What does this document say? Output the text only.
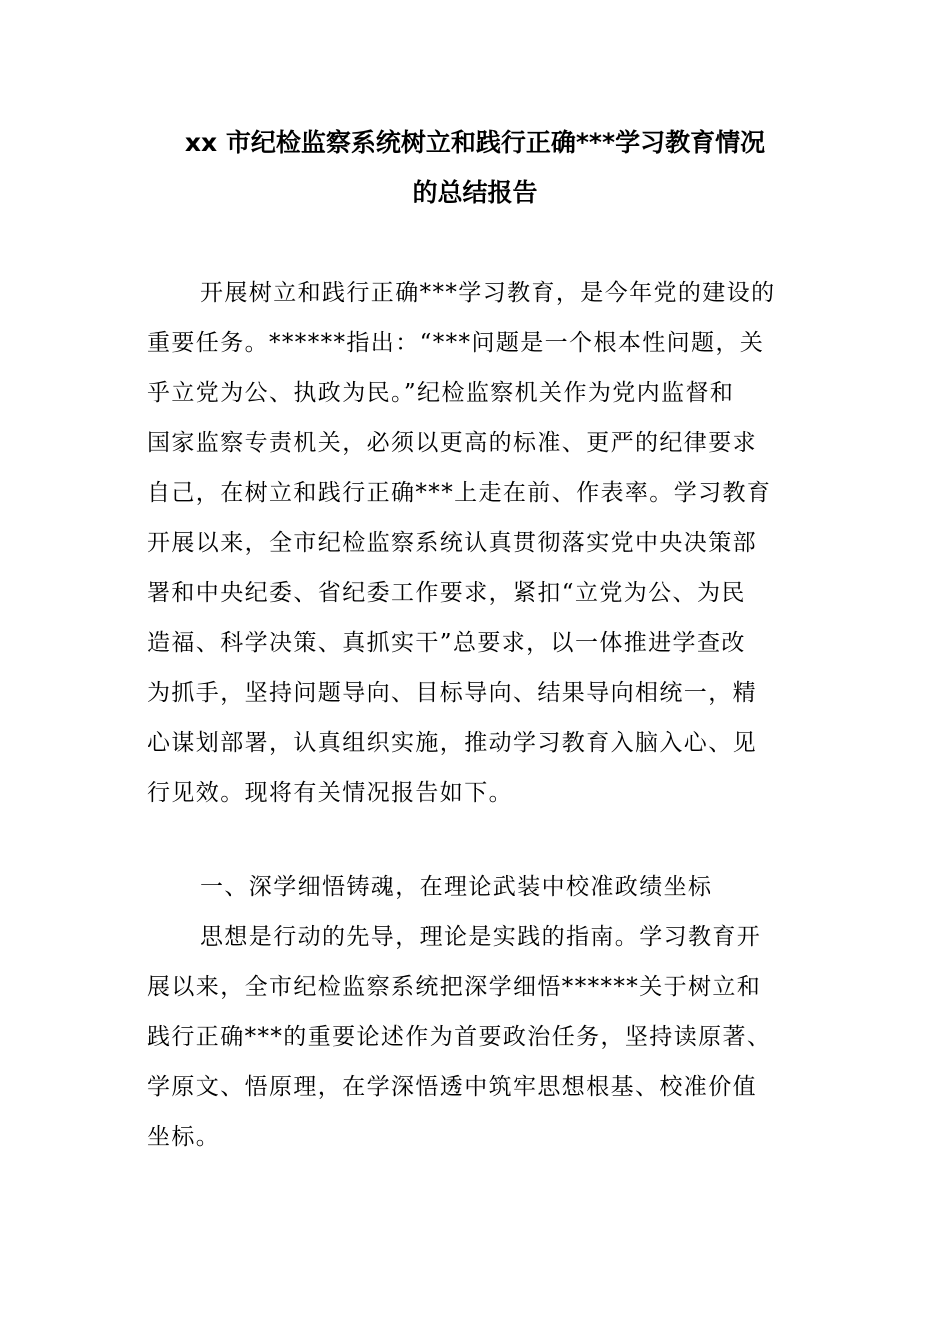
xx 市纪检监察系统树立和践行正确***学习教育情况
的总结报告
开展树立和践行正确***学习教育，是今年党的建设的
重要任务。******指出：“***问题是一个根本性问题，关
乎立党为公、执政为民。”纪检监察机关作为党内监督和
国家监察专责机关，必须以更高的标准、更严的纪律要求
自己，在树立和践行正确***上走在前、作表率。学习教育
开展以来，全市纪检监察系统认真贯彻落实党中央决策部
署和中央纪委、省纪委工作要求，紧扣“立党为公、为民
造福、科学决策、真抓实干”总要求，以一体推进学查改
为抓手，坚持问题导向、目标导向、结果导向相统一，精
心谋划部署，认真组织实施，推动学习教育入脑入心、见
行见效。现将有关情况报告如下。
一、深学细悟铸魂，在理论武装中校准政绩坐标
思想是行动的先导，理论是实践的指南。学习教育开
展以来，全市纪检监察系统把深学细悟******关于树立和
践行正确***的重要论述作为首要政治任务，坚持读原著、
学原文、悟原理，在学深悟透中筑牢思想根基、校准价值
坐标。
